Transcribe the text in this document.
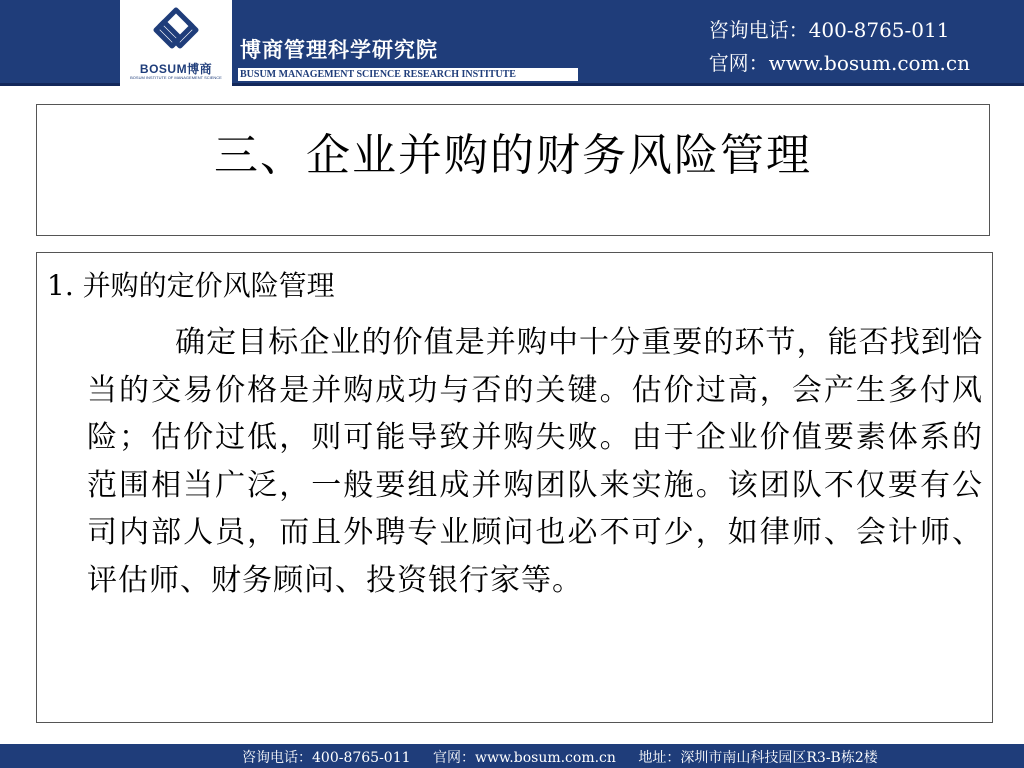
BOSUM博商
BOSUM INSTITUTE OF MANAGEMENT SCIENCE
博商管理科学研究院
BUSUM MANAGEMENT SCIENCE RESEARCH INSTITUTE
咨询电话：400-8765-011
官网：www.bosum.com.cn
三、企业并购的财务风险管理
1. 并购的定价风险管理
确定目标企业的价值是并购中十分重要的环节，能否找到恰当的交易价格是并购成功与否的关键。估价过高，会产生多付风险；估价过低，则可能导致并购失败。由于企业价值要素体系的范围相当广泛，一般要组成并购团队来实施。该团队不仅要有公司内部人员，而且外聘专业顾问也必不可少，如律师、会计师、评估师、财务顾问、投资银行家等。
咨询电话：400-8765-011 官网：www.bosum.com.cn 地址：深圳市南山科技园区R3-B栋2楼
